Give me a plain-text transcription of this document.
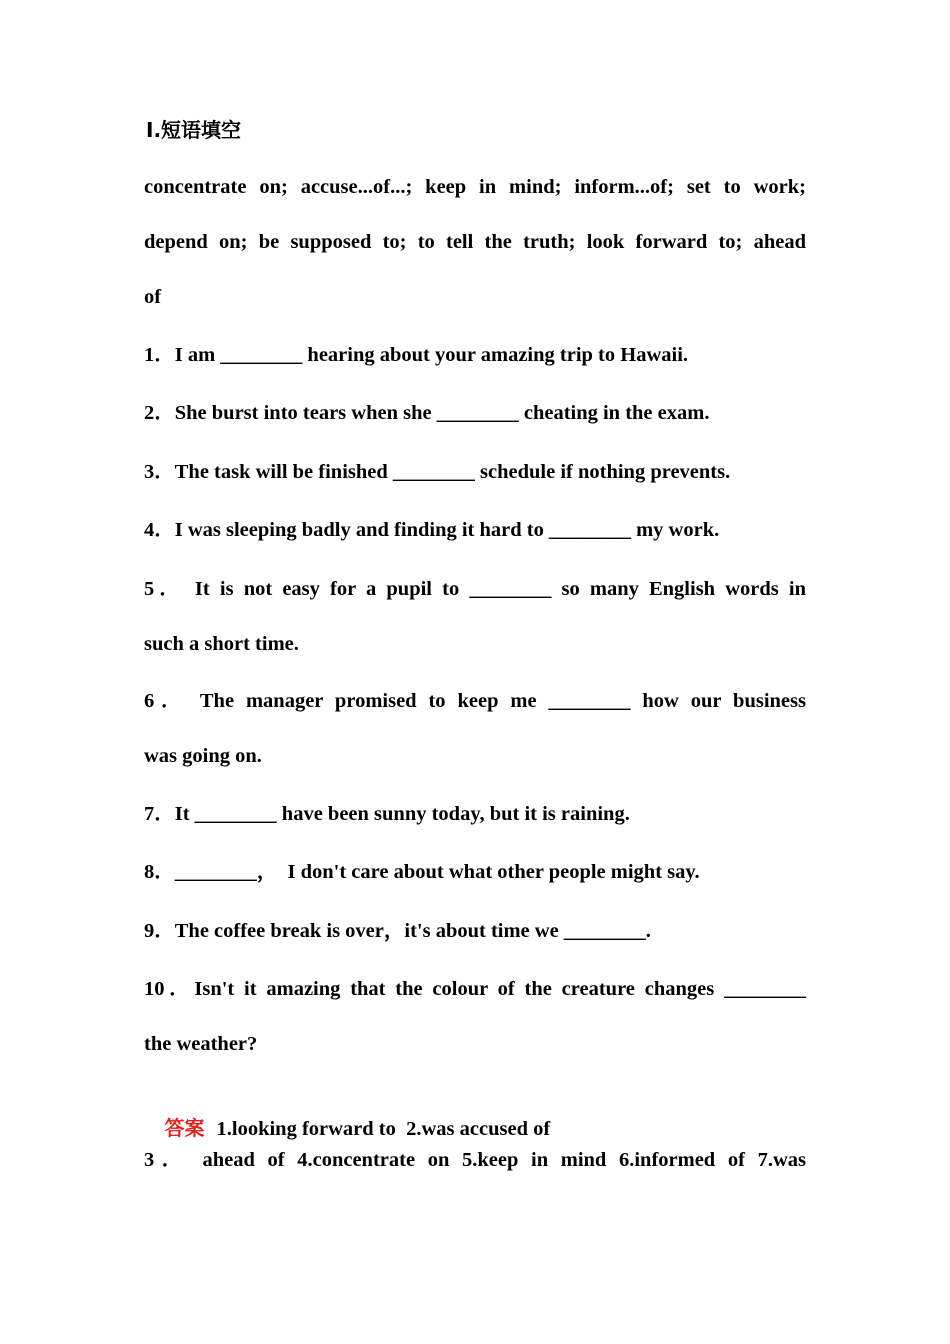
Ⅰ.短语填空
concentrate on; accuse...of...; keep in mind; inform...of; set to work;
depend on; be supposed to; to tell the truth; look forward to; ahead
of
1．I am ________ hearing about your amazing trip to Hawaii.
2．She burst into tears when she ________ cheating in the exam.
3．The task will be finished ________ schedule if nothing prevents.
4．I was sleeping badly and finding it hard to ________ my work.
5． It is not easy for a pupil to ________ so many English words in
such a short time.
6． The manager promised to keep me ________ how our business
was going on.
7．It ________ have been sunny today, but it is raining.
8．________，  I don't care about what other people might say.
9．The coffee break is over，it's about time we ________.
10．Isn't it amazing that the colour of the creature changes ________
the weather?

答案 1.looking forward to  2.was accused of

3． ahead of 4.concentrate on 5.keep in mind 6.informed of 7.was
